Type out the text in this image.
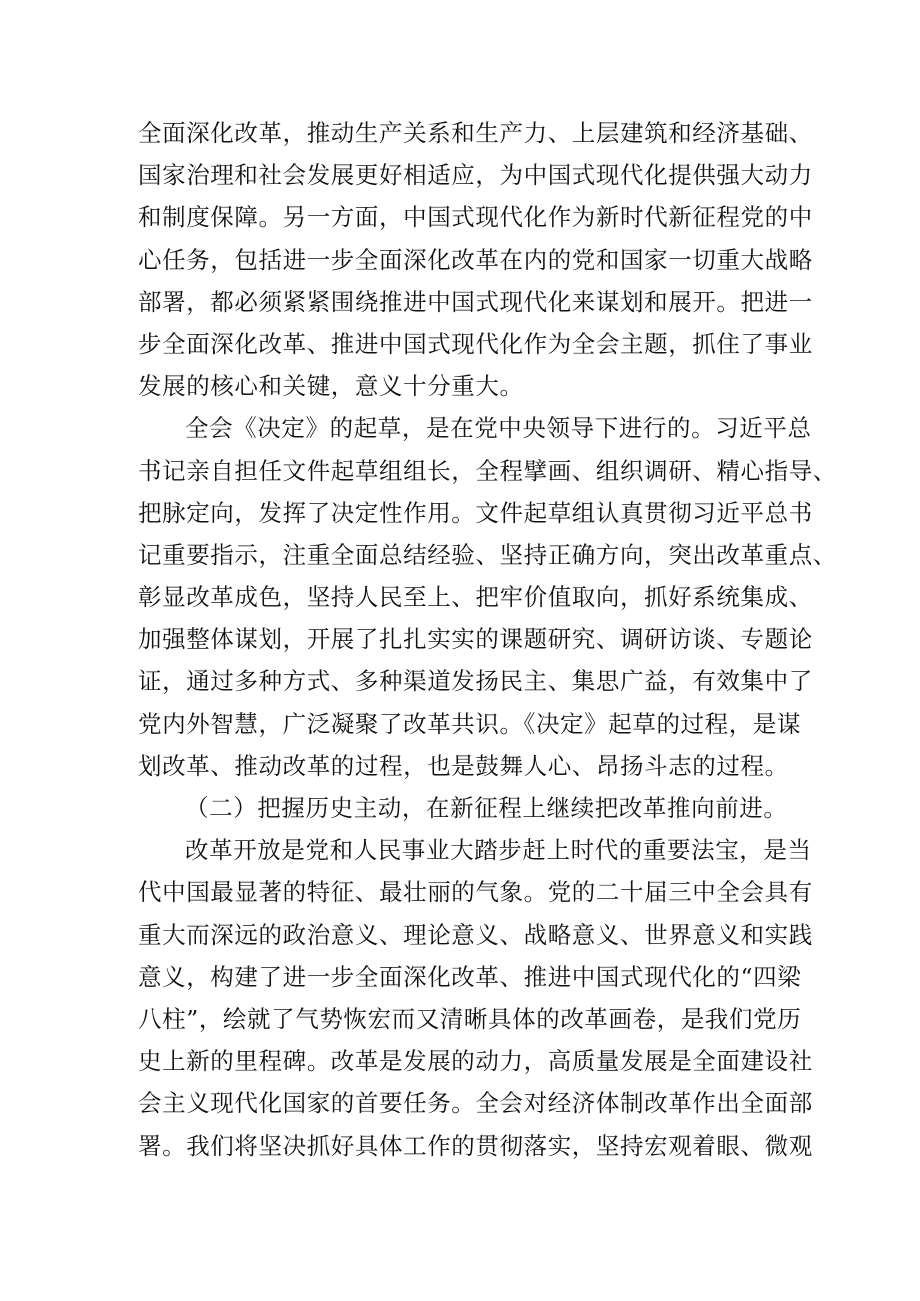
全面深化改革，推动生产关系和生产力、上层建筑和经济基础、
国家治理和社会发展更好相适应，为中国式现代化提供强大动力
和制度保障。另一方面，中国式现代化作为新时代新征程党的中
心任务，包括进一步全面深化改革在内的党和国家一切重大战略
部署，都必须紧紧围绕推进中国式现代化来谋划和展开。把进一
步全面深化改革、推进中国式现代化作为全会主题，抓住了事业
发展的核心和关键，意义十分重大。
全会《决定》的起草，是在党中央领导下进行的。习近平总
书记亲自担任文件起草组组长，全程擘画、组织调研、精心指导、
把脉定向，发挥了决定性作用。文件起草组认真贯彻习近平总书
记重要指示，注重全面总结经验、坚持正确方向，突出改革重点、
彰显改革成色，坚持人民至上、把牢价值取向，抓好系统集成、
加强整体谋划，开展了扎扎实实的课题研究、调研访谈、专题论
证，通过多种方式、多种渠道发扬民主、集思广益，有效集中了
党内外智慧，广泛凝聚了改革共识。《决定》起草的过程，是谋
划改革、推动改革的过程，也是鼓舞人心、昂扬斗志的过程。
（二）把握历史主动，在新征程上继续把改革推向前进。
改革开放是党和人民事业大踏步赶上时代的重要法宝，是当
代中国最显著的特征、最壮丽的气象。党的二十届三中全会具有
重大而深远的政治意义、理论意义、战略意义、世界意义和实践
意义，构建了进一步全面深化改革、推进中国式现代化的“四梁
八柱”，绘就了气势恢宏而又清晰具体的改革画卷，是我们党历
史上新的里程碑。改革是发展的动力，高质量发展是全面建设社
会主义现代化国家的首要任务。全会对经济体制改革作出全面部
署。我们将坚决抓好具体工作的贯彻落实，坚持宏观着眼、微观
